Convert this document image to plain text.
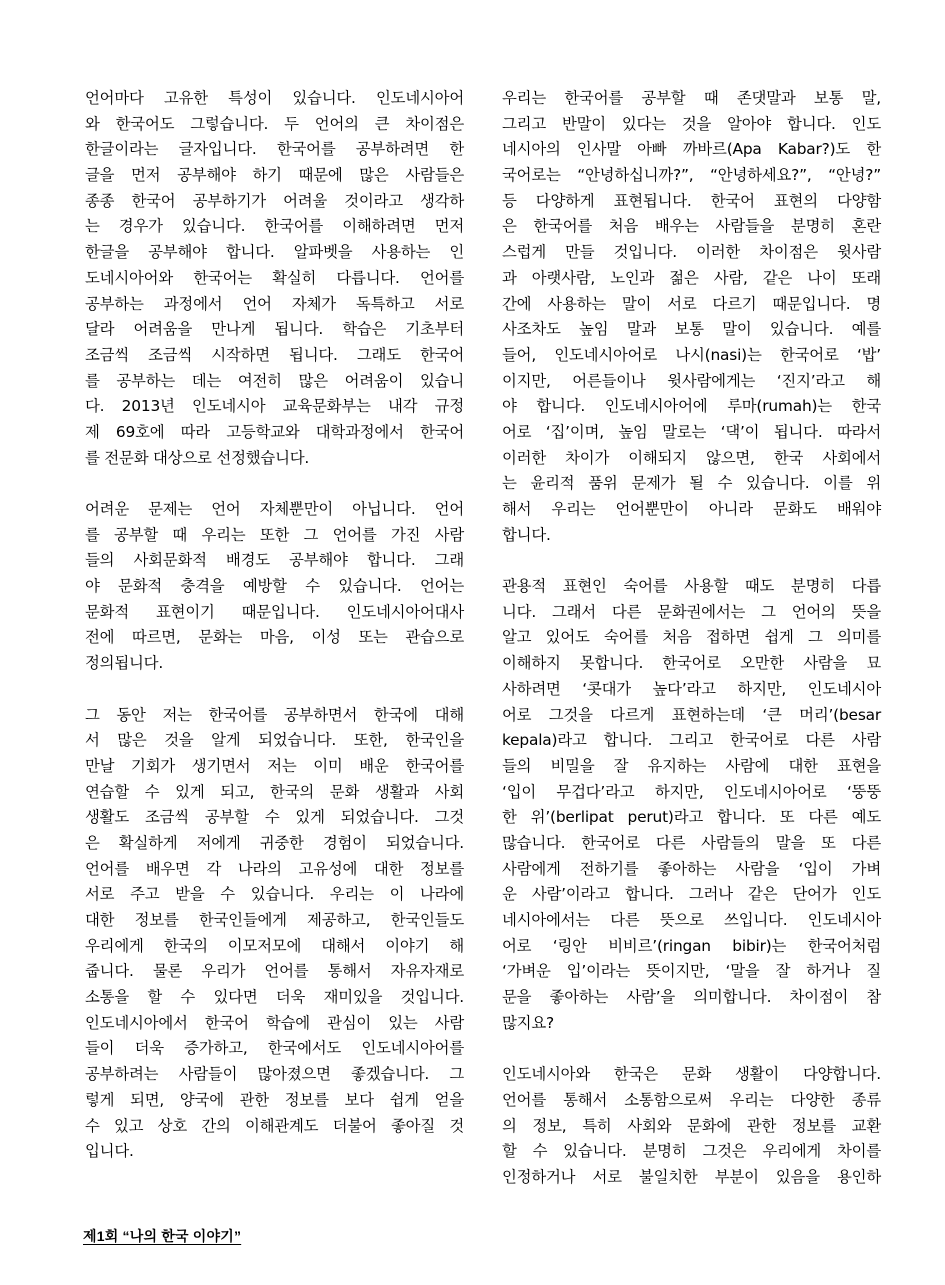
언어마다 고유한 특성이 있습니다. 인도네시아어
와 한국어도 그렇습니다. 두 언어의 큰 차이점은
한글이라는 글자입니다. 한국어를 공부하려면 한
글을 먼저 공부해야 하기 때문에 많은 사람들은
종종 한국어 공부하기가 어려울 것이라고 생각하
는 경우가 있습니다. 한국어를 이해하려면 먼저
한글을 공부해야 합니다. 알파벳을 사용하는 인
도네시아어와 한국어는 확실히 다릅니다. 언어를
공부하는 과정에서 언어 자체가 독특하고 서로
달라 어려움을 만나게 됩니다. 학습은 기초부터
조금씩 조금씩 시작하면 됩니다. 그래도 한국어
를 공부하는 데는 여전히 많은 어려움이 있습니
다. 2013년 인도네시아 교육문화부는 내각 규정
제 69호에 따라 고등학교와 대학과정에서 한국어
를 전문화 대상으로 선정했습니다.

어려운 문제는 언어 자체뿐만이 아닙니다. 언어
를 공부할 때 우리는 또한 그 언어를 가진 사람
들의 사회문화적 배경도 공부해야 합니다. 그래
야 문화적 충격을 예방할 수 있습니다. 언어는
문화적 표현이기 때문입니다. 인도네시아어대사
전에 따르면, 문화는 마음, 이성 또는 관습으로
정의됩니다.

그 동안 저는 한국어를 공부하면서 한국에 대해
서 많은 것을 알게 되었습니다. 또한, 한국인을
만날 기회가 생기면서 저는 이미 배운 한국어를
연습할 수 있게 되고, 한국의 문화 생활과 사회
생활도 조금씩 공부할 수 있게 되었습니다. 그것
은 확실하게 저에게 귀중한 경험이 되었습니다.
언어를 배우면 각 나라의 고유성에 대한 정보를
서로 주고 받을 수 있습니다. 우리는 이 나라에
대한 정보를 한국인들에게 제공하고, 한국인들도
우리에게 한국의 이모저모에 대해서 이야기 해
줍니다. 물론 우리가 언어를 통해서 자유자재로
소통을 할 수 있다면 더욱 재미있을 것입니다.
인도네시아에서 한국어 학습에 관심이 있는 사람
들이 더욱 증가하고, 한국에서도 인도네시아어를
공부하려는 사람들이 많아졌으면 좋겠습니다. 그
렇게 되면, 양국에 관한 정보를 보다 쉽게 얻을
수 있고 상호 간의 이해관계도 더불어 좋아질 것
입니다.

우리는 한국어를 공부할 때 존댓말과 보통 말,
그리고 반말이 있다는 것을 알아야 합니다. 인도
네시아의 인사말 아빠 까바르(Apa Kabar?)도 한
국어로는 “안녕하십니까?”, “안녕하세요?”, “안녕?”
등 다양하게 표현됩니다. 한국어 표현의 다양함
은 한국어를 처음 배우는 사람들을 분명히 혼란
스럽게 만들 것입니다. 이러한 차이점은 윗사람
과 아랫사람, 노인과 젊은 사람, 같은 나이 또래
간에 사용하는 말이 서로 다르기 때문입니다. 명
사조차도 높임 말과 보통 말이 있습니다. 예를
들어, 인도네시아어로 나시(nasi)는 한국어로 ‘밥’
이지만, 어른들이나 윗사람에게는 ‘진지’라고 해
야 합니다. 인도네시아어에 루마(rumah)는 한국
어로 ‘집’이며, 높임 말로는 ‘댁’이 됩니다. 따라서
이러한 차이가 이해되지 않으면, 한국 사회에서
는 윤리적 품위 문제가 될 수 있습니다. 이를 위
해서 우리는 언어뿐만이 아니라 문화도 배워야
합니다.

관용적 표현인 숙어를 사용할 때도 분명히 다릅
니다. 그래서 다른 문화권에서는 그 언어의 뜻을
알고 있어도 숙어를 처음 접하면 쉽게 그 의미를
이해하지 못합니다. 한국어로 오만한 사람을 묘
사하려면 ‘콧대가 높다’라고 하지만, 인도네시아
어로 그것을 다르게 표현하는데 ‘큰 머리’(besar
kepala)라고 합니다. 그리고 한국어로 다른 사람
들의 비밀을 잘 유지하는 사람에 대한 표현을
‘입이 무겁다’라고 하지만, 인도네시아어로 ‘뚱뚱
한 위’(berlipat perut)라고 합니다. 또 다른 예도
많습니다. 한국어로 다른 사람들의 말을 또 다른
사람에게 전하기를 좋아하는 사람을 ‘입이 가벼
운 사람’이라고 합니다. 그러나 같은 단어가 인도
네시아에서는 다른 뜻으로 쓰입니다. 인도네시아
어로 ‘링안 비비르’(ringan bibir)는 한국어처럼
‘가벼운 입’이라는 뜻이지만, ‘말을 잘 하거나 질
문을 좋아하는 사람’을 의미합니다. 차이점이 참
많지요?

인도네시아와 한국은 문화 생활이 다양합니다.
언어를 통해서 소통함으로써 우리는 다양한 종류
의 정보, 특히 사회와 문화에 관한 정보를 교환
할 수 있습니다. 분명히 그것은 우리에게 차이를
인정하거나 서로 불일치한 부분이 있음을 용인하

제1회 “나의 한국 이야기”
